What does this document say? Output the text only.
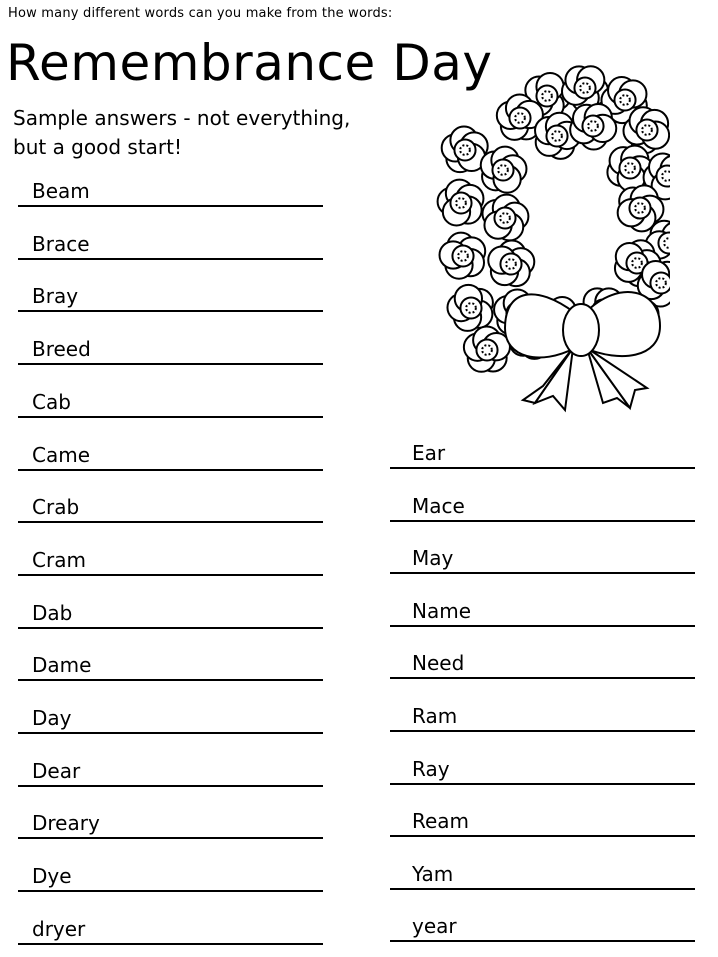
How many different words can you make from the words:
Remembrance Day
Sample answers - not everything,
but a good start!
Beam
Brace
Bray
Breed
Cab
Came
Crab
Cram
Dab
Dame
Day
Dear
Dreary
Dye
dryer
Ear
Mace
May
Name
Need
Ram
Ray
Ream
Yam
year
